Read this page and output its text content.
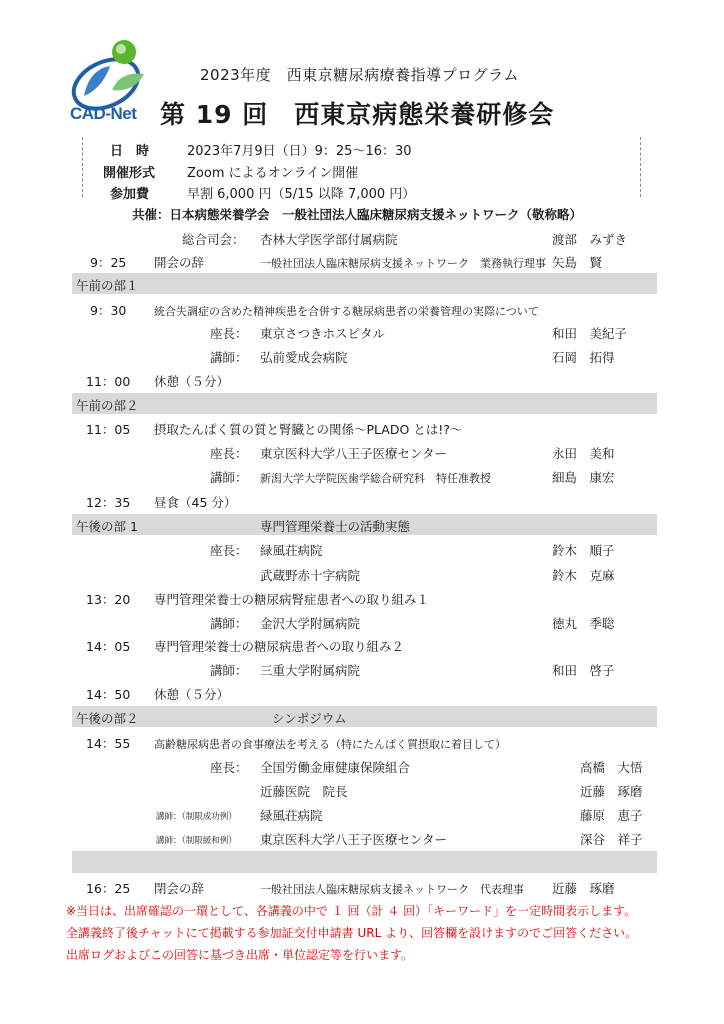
CAD-Net
2023年度　西東京糖尿病療養指導プログラム
第 19 回　西東京病態栄養研修会
日　時	2023年7月9日（日）9：25〜16：30
開催形式 Zoom によるオンライン開催
参加費	早割 6,000 円（5/15 以降 7,000 円）
共催：日本病態栄養学会　一般社団法人臨床糖尿病支援ネットワーク（敬称略）
総合司会： 杏林大学医学部付属病院	渡部　みずき
9：25 開会の辞	一般社団法人臨床糖尿病支援ネットワーク　業務執行理事 矢島　賢
午前の部１
9：30	統合失調症の含めた精神疾患を合併する糖尿病患者の栄養管理の実際について
座長： 東京さつきホスピタル	和田　美紀子
講師： 弘前愛成会病院	石岡　拓得
11：00 休憩（５分）
午前の部２
11：05 摂取たんぱく質の質と腎臓との関係〜PLADO とは!?〜
座長： 東京医科大学八王子医療センター	永田　美和
講師： 新潟大学大学院医歯学総合研究科　特任准教授	細島　康宏
12：35 昼食（45 分）
午後の部 1	専門管理栄養士の活動実態
座長： 緑風荘病院	鈴木　順子
武蔵野赤十字病院	鈴木　克麻
13：20 専門管理栄養士の糖尿病腎症患者への取り組み１
講師： 金沢大学附属病院	徳丸　季聡
14：05 専門管理栄養士の糖尿病患者への取り組み２
講師： 三重大学附属病院	和田　啓子
14：50 休憩（５分）
午後の部２	シンポジウム
14：55 高齢糖尿病患者の食事療法を考える（特にたんぱく質摂取に着目して）
座長： 全国労働金庫健康保険組合	高橋　大悟
近藤医院　院長	近藤　琢磨
講師：（制限成功例） 緑風荘病院	藤原　恵子
講師：（制限緩和例） 東京医科大学八王子医療センター	深谷　祥子
16：25 閉会の辞	一般社団法人臨床糖尿病支援ネットワーク　代表理事 近藤　琢磨
※当日は、出席確認の一環として、各講義の中で １ 回（計 ４ 回）「キーワード」を一定時間表示します。
全講義終了後チャットにて掲載する参加証交付申請書 URL より、回答欄を設けますのでご回答ください。
出席ログおよびこの回答に基づき出席・単位認定等を行います。
